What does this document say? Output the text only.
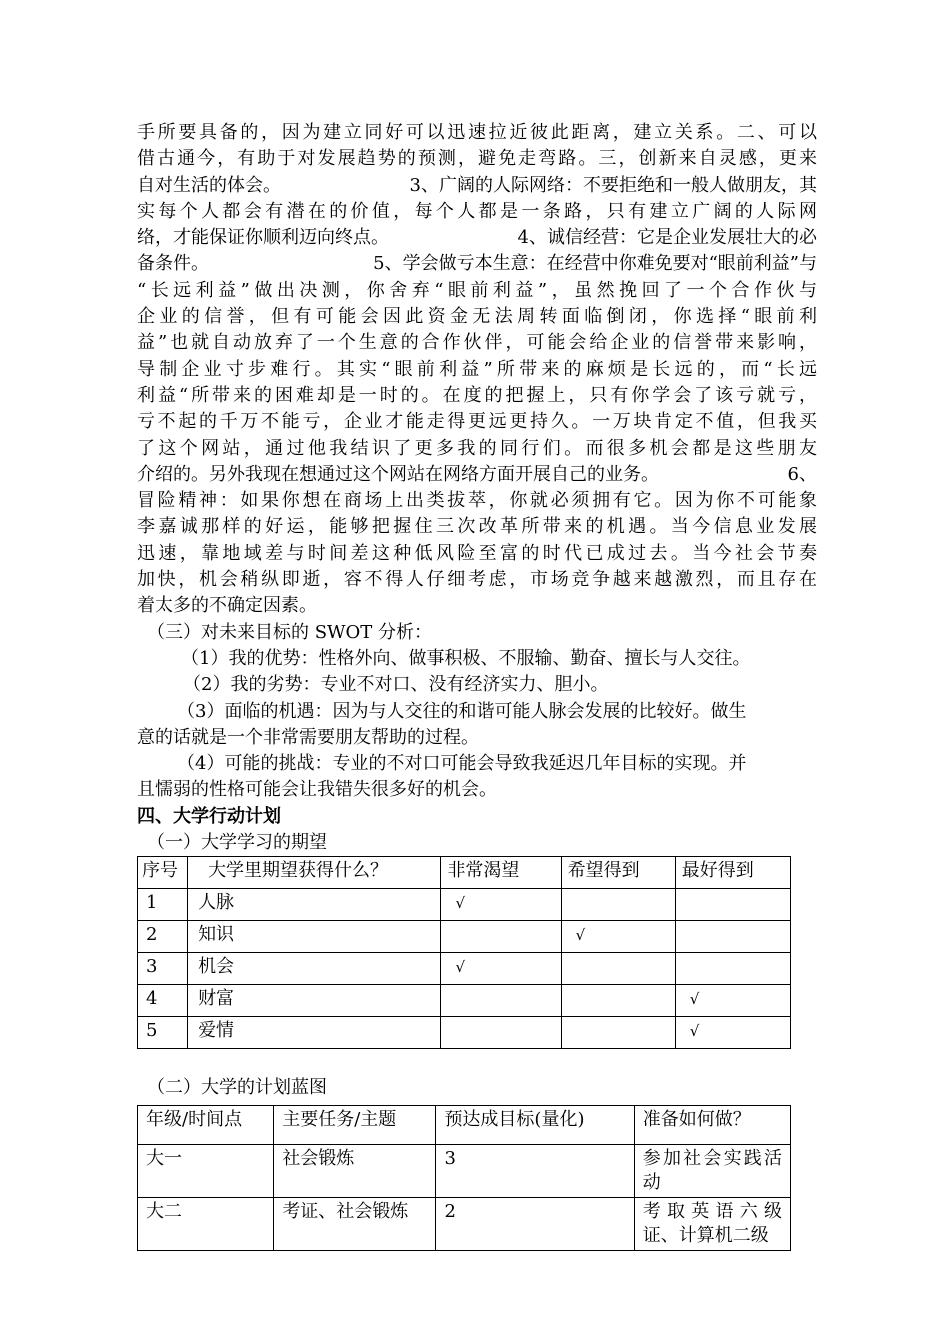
手所要具备的，因为建立同好可以迅速拉近彼此距离，建立关系。二、可以
借古通今，有助于对发展趋势的预测，避免走弯路。三，创新来自灵感，更来
自对生活的体会。	3、广阔的人际网络：不要拒绝和一般人做朋友，其
实每个人都会有潜在的价值，每个人都是一条路，只有建立广阔的人际网
络，才能保证你顺利迈向终点。	4、诚信经营：它是企业发展壮大的必
备条件。	5、学会做亏本生意：在经营中你难免要对“眼前利益”与
“长远利益”做出决测，你舍弃“眼前利益”，虽然挽回了一个合作伙与
企业的信誉，但有可能会因此资金无法周转面临倒闭，你选择“眼前利
益”也就自动放弃了一个生意的合作伙伴，可能会给企业的信誉带来影响，
导制企业寸步难行。其实“眼前利益”所带来的麻烦是长远的，而“长远
利益“所带来的困难却是一时的。在度的把握上，只有你学会了该亏就亏，
亏不起的千万不能亏，企业才能走得更远更持久。一万块肯定不值，但我买
了这个网站，通过他我结识了更多我的同行们。而很多机会都是这些朋友
介绍的。另外我现在想通过这个网站在网络方面开展自己的业务。	6、
冒险精神：如果你想在商场上出类拔萃，你就必须拥有它。因为你不可能象
李嘉诚那样的好运，能够把握住三次改革所带来的机遇。当今信息业发展
迅速，靠地域差与时间差这种低风险至富的时代已成过去。当今社会节奏
加快，机会稍纵即逝，容不得人仔细考虑，市场竞争越来越激烈，而且存在
着太多的不确定因素。

（三）对未来目标的 SWOT 分析：

（1）我的优势：性格外向、做事积极、不服输、勤奋、擅长与人交往。

（2）我的劣势：专业不对口、没有经济实力、胆小。

（3）面临的机遇：因为与人交往的和谐可能人脉会发展的比较好。做生

意的话就是一个非常需要朋友帮助的过程。

（4）可能的挑战：专业的不对口可能会导致我延迟几年目标的实现。并

且懦弱的性格可能会让我错失很多好的机会。

四、大学行动计划

（一）大学学习的期望

序号	大学里期望获得什么？	非常渴望	希望得到	最好得到
1	人脉	√		
2	知识		√	
3	机会	√		
4	财富			√
5	爱情			√

（二）大学的计划蓝图

年级/时间点	主要任务/主题	预达成目标(量化)	准备如何做？
大一	社会锻炼	3	参加社会实践活动
大二	考证、社会锻炼	2	考取英语六级证、计算机二级
